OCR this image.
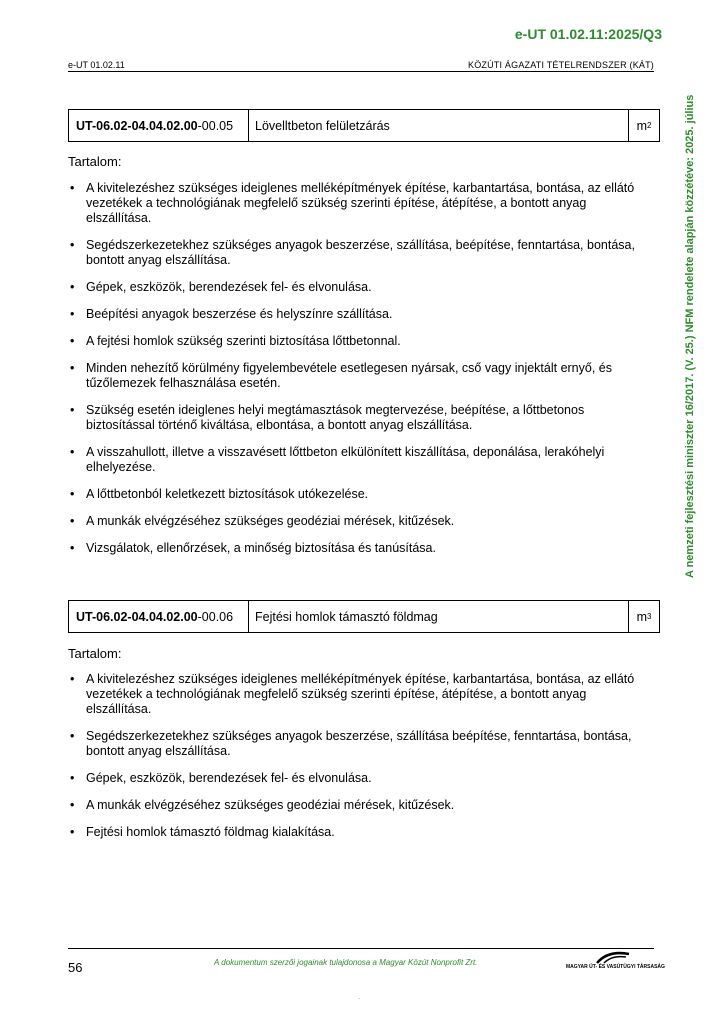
e-UT 01.02.11:2025/Q3
e-UT 01.02.11	KÖZÚTI ÁGAZATI TÉTELRENDSZER (KÁT)
A nemzeti fejlesztési miniszter 16/2017. (V. 25.) NFM rendelete alapján közzétéve: 2025. július
UT-06.02-04.04.02.00 -00.05	Lövelltbeton felületzárás	m 2
Tartalom:
• A kivitelezéshez szükséges ideiglenes melléképítmények építése, karbantartása, bontása, az ellátó vezetékek a technológiának megfelelő szükség szerinti építése, átépítése, a bontott anyag elszállítása.
• Segédszerkezetekhez szükséges anyagok beszerzése, szállítása, beépítése, fenntartása, bontása, bontott anyag elszállítása.
• Gépek, eszközök, berendezések fel- és elvonulása.
• Beépítési anyagok beszerzése és helyszínre szállítása.
• A fejtési homlok szükség szerinti biztosítása lőttbetonnal.
• Minden nehezítő körülmény figyelembevétele esetlegesen nyársak, cső vagy injektált ernyő, és tűzőlemezek felhasználása esetén.
• Szükség esetén ideiglenes helyi megtámasztások megtervezése, beépítése, a lőttbetonos biztosítással történő kiváltása, elbontása, a bontott anyag elszállítása.
• A visszahullott, illetve a visszavésett lőttbeton elkülönített kiszállítása, deponálása, lerakóhelyi elhelyezése.
• A lőttbetonból keletkezett biztosítások utókezelése.
• A munkák elvégzéséhez szükséges geodéziai mérések, kitűzések.
• Vizsgálatok, ellenőrzések, a minőség biztosítása és tanúsítása.
UT-06.02-04.04.02.00 -00.06	Fejtési homlok támasztó földmag	m 3
Tartalom:
• A kivitelezéshez szükséges ideiglenes melléképítmények építése, karbantartása, bontása, az ellátó vezetékek a technológiának megfelelő szükség szerinti építése, átépítése, a bontott anyag elszállítása.
• Segédszerkezetekhez szükséges anyagok beszerzése, szállítása beépítése, fenntartása, bontása, bontott anyag elszállítása.
• Gépek, eszközök, berendezések fel- és elvonulása.
• A munkák elvégzéséhez szükséges geodéziai mérések, kitűzések.
• Fejtési homlok támasztó földmag kialakítása.
56	A dokumentum szerzői jogainak tulajdonosa a Magyar Közút Nonprofit Zrt.	MAGYAR ÚT- ÉS VASÚTÜGYI TÁRSASÁG
.
